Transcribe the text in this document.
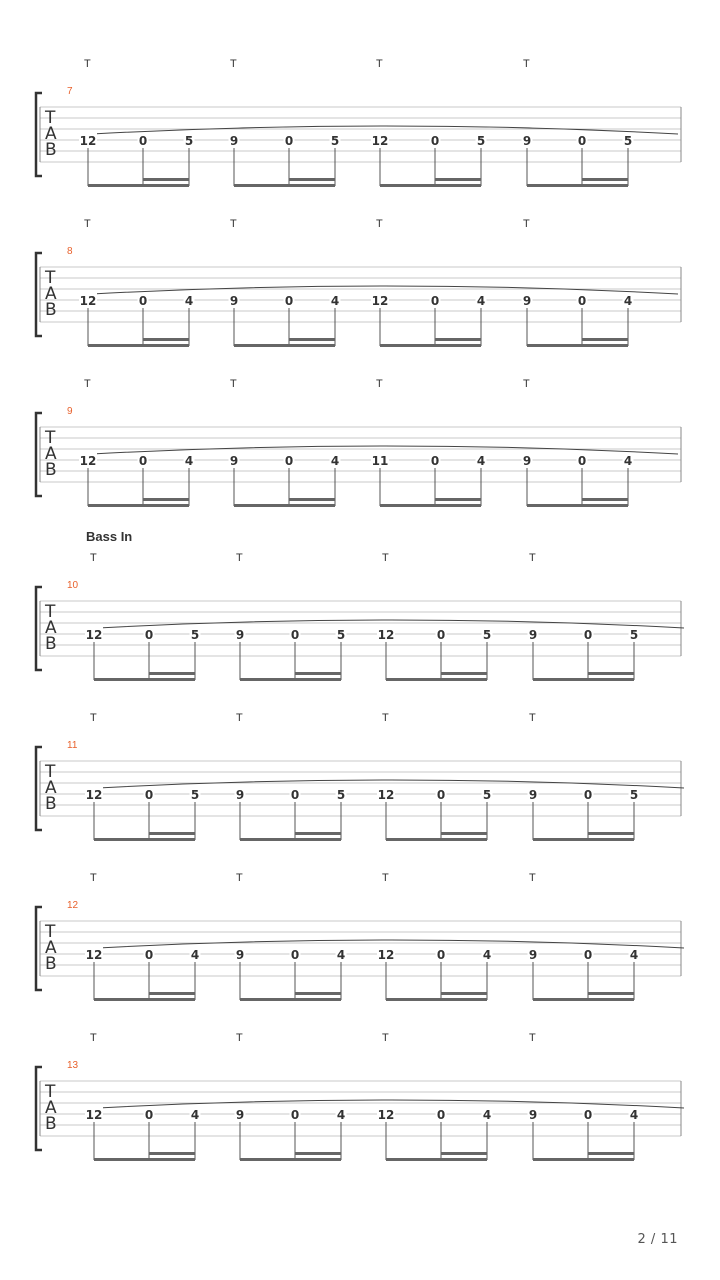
T	T	T	T
7
T
A
B 12	0	5	9	0	5	12	0	5	9	0	5
T	T	T	T
8
T
A
B 12	0	4	9	0	4	12	0	4	9	0	4
T	T	T	T
9
T
A
B 12	0	4	9	0	4	11	0	4	9	0	4
Bass In
T	T	T	T
10
T
A
B 12	0	5	9	0	5	12	0	5	9	0	5
T	T	T	T
11
T
A
B 12	0	5	9	0	5	12	0	5	9	0	5
T	T	T	T
12
T
A
B 12	0	4	9	0	4	12	0	4	9	0	4
T	T	T	T
13
T
A
B 12	0	4	9	0	4	12	0	4	9	0	4
2 / 11
